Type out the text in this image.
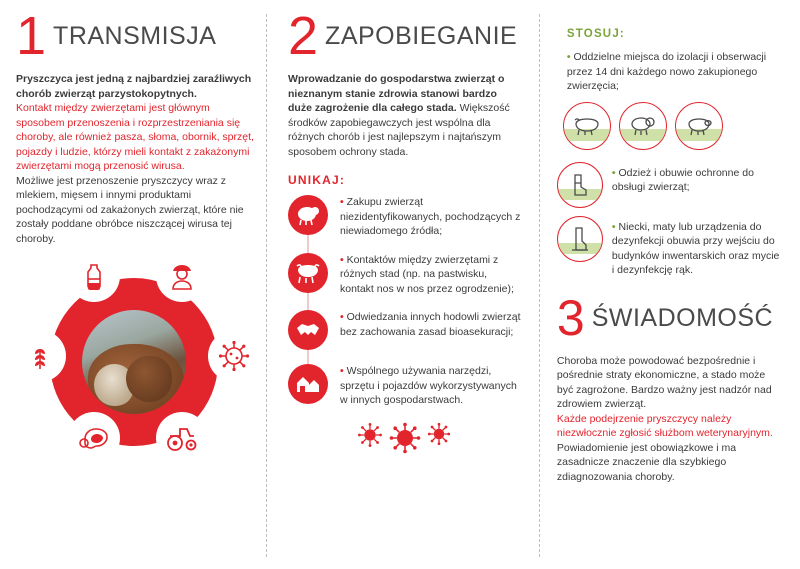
1 TRANSMISJA

Pryszczyca jest jedną z najbardziej zaraźliwych chorób zwierząt parzystokopytnych.

Kontakt między zwierzętami jest głównym sposobem przenoszenia i rozprzestrzeniania się choroby, ale również pasza, słoma, obornik, sprzęt, pojazdy i ludzie, którzy mieli kontakt z zakażonymi zwierzętami mogą przenosić wirusa.

Możliwe jest przenoszenie pryszczycy wraz z mlekiem, mięsem i innymi produktami pochodzącymi od zakażonych zwierząt, które nie zostały poddane obróbce niszczącej wirusa tej choroby.

2 ZAPOBIEGANIE

Wprowadzanie do gospodarstwa zwierząt o nieznanym stanie zdrowia stanowi bardzo duże zagrożenie dla całego stada. Większość środków zapobiegawczych jest wspólna dla różnych chorób i jest najlepszym i najtańszym sposobem ochrony stada.

UNIKAJ:
• Zakupu zwierząt niezidentyfikowanych, pochodzących z niewiadomego źródła;
• Kontaktów między zwierzętami z różnych stad (np. na pastwisku, kontakt nos w nos przez ogrodzenie);
• Odwiedzania innych hodowli zwierząt bez zachowania zasad bioasekuracji;
• Wspólnego używania narzędzi, sprzętu i pojazdów wykorzystywanych w innych gospodarstwach.
STOSUJ:
• Oddzielne miejsca do izolacji i obserwacji przez 14 dni każdego nowo zakupionego zwierzęcia;
• Odzież i obuwie ochronne do obsługi zwierząt;
• Niecki, maty lub urządzenia do dezynfekcji obuwia przy wejściu do budynków inwentarskich oraz mycie i dezynfekcję rąk.
3 ŚWIADOMOŚĆ

Choroba może powodować bezpośrednie i pośrednie straty ekonomiczne, a stado może być zagrożone. Bardzo ważny jest nadzór nad zdrowiem zwierząt.

Każde podejrzenie pryszczycy należy niezwłocznie zgłosić służbom weterynaryjnym.

Powiadomienie jest obowiązkowe i ma zasadnicze znaczenie dla szybkiego zdiagnozowania choroby.
